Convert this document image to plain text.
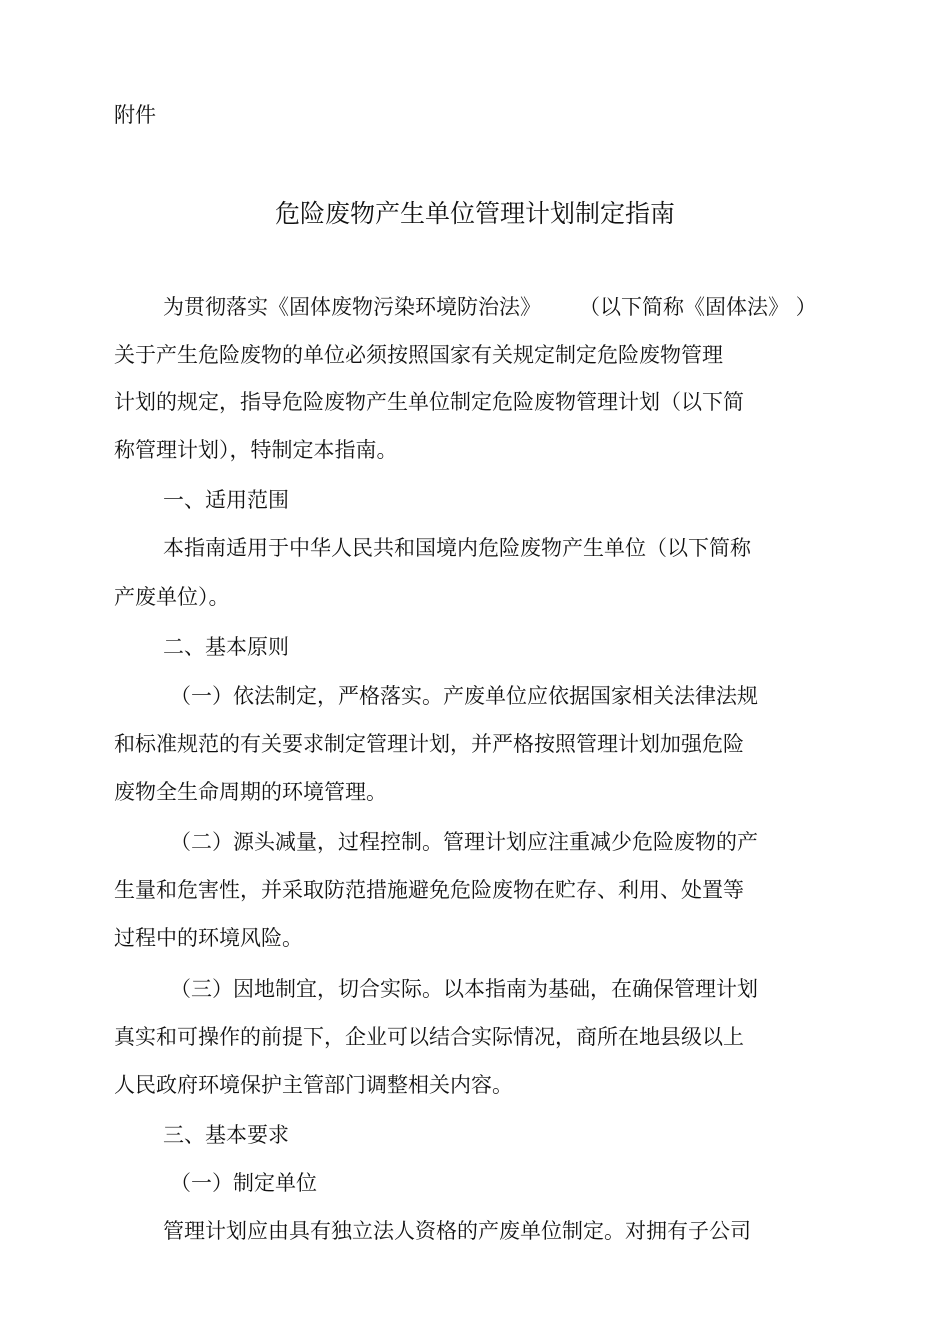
附件
危险废物产生单位管理计划制定指南
为贯彻落实《固体废物污染环境防治法》 （以下简称《固体法》 ）
关于产生危险废物的单位必须按照国家有关规定制定危险废物管理
计划的规定，指导危险废物产生单位制定危险废物管理计划（以下简
称管理计划），特制定本指南。
一、适用范围
本指南适用于中华人民共和国境内危险废物产生单位（以下简称
产废单位）。
二、基本原则
（一）依法制定，严格落实。产废单位应依据国家相关法律法规
和标准规范的有关要求制定管理计划，并严格按照管理计划加强危险
废物全生命周期的环境管理。
（二）源头减量，过程控制。管理计划应注重减少危险废物的产
生量和危害性，并采取防范措施避免危险废物在贮存、利用、处置等
过程中的环境风险。
（三）因地制宜，切合实际。以本指南为基础，在确保管理计划
真实和可操作的前提下，企业可以结合实际情况，商所在地县级以上
人民政府环境保护主管部门调整相关内容。
三、基本要求
（一）制定单位
管理计划应由具有独立法人资格的产废单位制定。对拥有子公司
